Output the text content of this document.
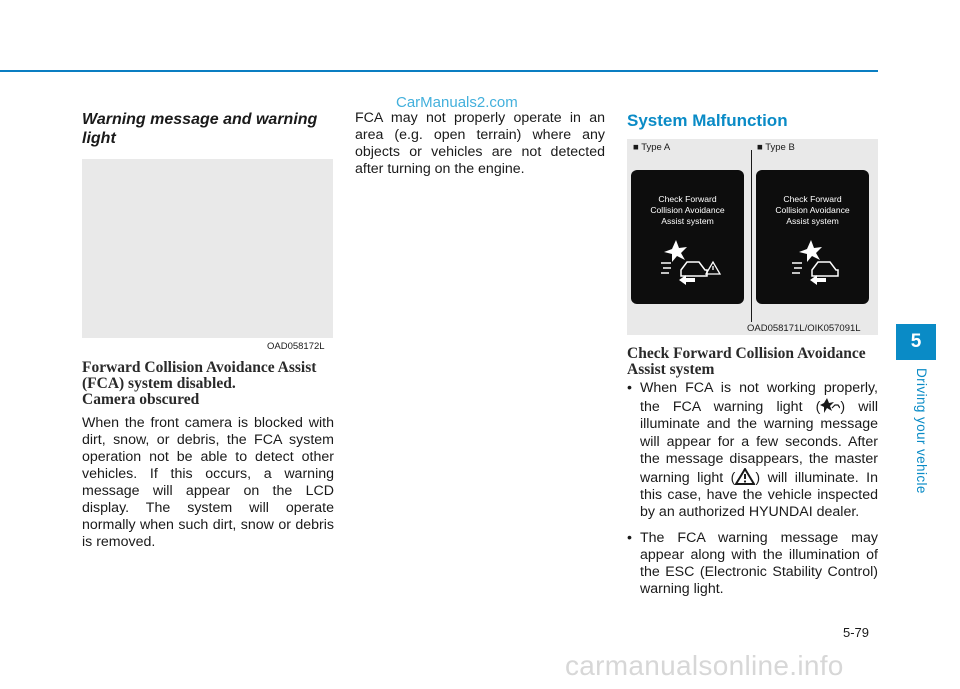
CarManuals2.com

Warning message and warning light

OAD058172L

Forward Collision Avoidance Assist (FCA) system disabled.

Camera obscured

When the front camera is blocked with dirt, snow, or debris, the FCA system operation not be able to detect other vehicles. If this occurs, a warning message will appear on the LCD display. The system will operate normally when such dirt, snow or debris is removed.

FCA may not properly operate in an area (e.g. open terrain) where any objects or vehicles are not detected after turning on the engine.

System Malfunction
■ Type A	■ Type B
Check Forward
Collision Avoidance
Assist system
Check Forward
Collision Avoidance
Assist system
OAD058171L/OIK057091L

Check Forward Collision Avoidance Assist system

• When FCA is not working properly, the FCA warning light ( ) will illuminate and the warning message will appear for a few seconds. After the message disappears, the master warning light ( ) will illuminate. In this case, have the vehicle inspected by an authorized HYUNDAI dealer.
• The FCA warning message may appear along with the illumination of the ESC (Electronic Stability Control) warning light.
5
Driving your vehicle
5-79
carmanualsonline.info
